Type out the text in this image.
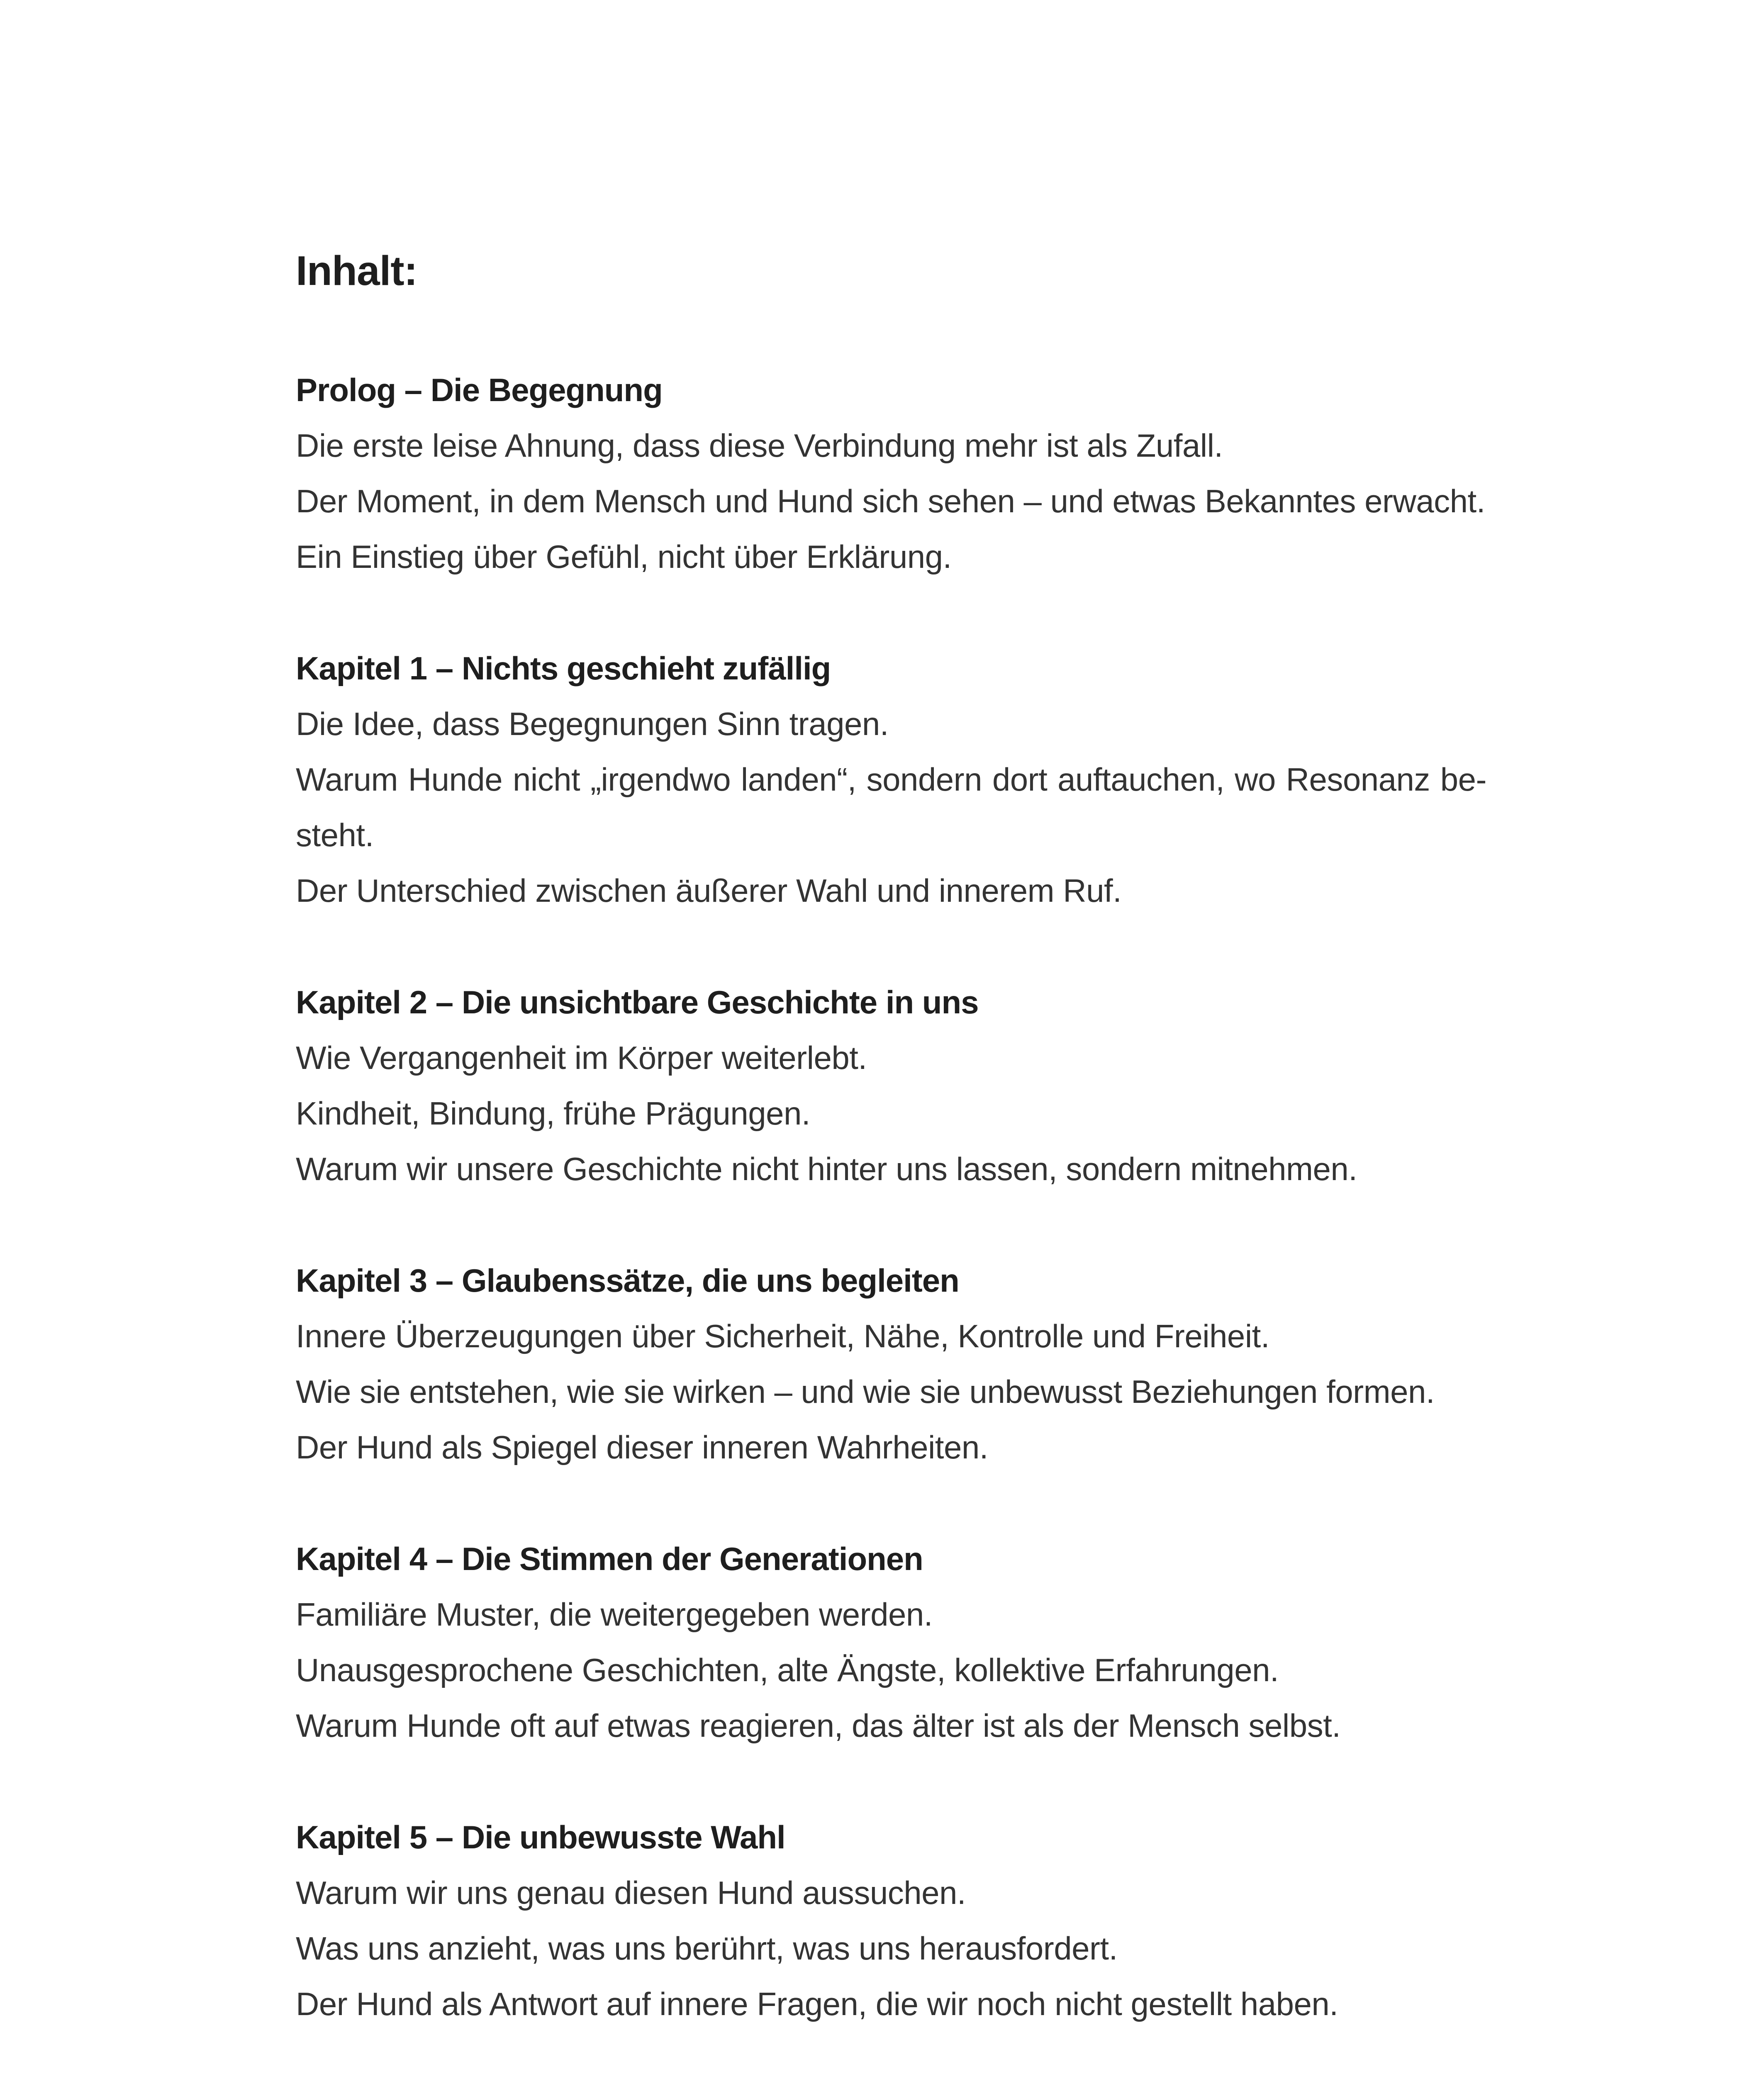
Inhalt:
Prolog – Die Begegnung

Die erste leise Ahnung, dass diese Verbindung mehr ist als Zufall.

Der Moment, in dem Mensch und Hund sich sehen – und etwas Bekanntes erwacht.

Ein Einstieg über Gefühl, nicht über Erklärung.

Kapitel 1 – Nichts geschieht zufällig

Die Idee, dass Begegnungen Sinn tragen.

Warum Hunde nicht „irgendwo landen“, sondern dort auftauchen, wo Resonanz be-

steht.

Der Unterschied zwischen äußerer Wahl und innerem Ruf.

Kapitel 2 – Die unsichtbare Geschichte in uns

Wie Vergangenheit im Körper weiterlebt.

Kindheit, Bindung, frühe Prägungen.

Warum wir unsere Geschichte nicht hinter uns lassen, sondern mitnehmen.

Kapitel 3 – Glaubenssätze, die uns begleiten

Innere Überzeugungen über Sicherheit, Nähe, Kontrolle und Freiheit.

Wie sie entstehen, wie sie wirken – und wie sie unbewusst Beziehungen formen.

Der Hund als Spiegel dieser inneren Wahrheiten.

Kapitel 4 – Die Stimmen der Generationen

Familiäre Muster, die weitergegeben werden.

Unausgesprochene Geschichten, alte Ängste, kollektive Erfahrungen.

Warum Hunde oft auf etwas reagieren, das älter ist als der Mensch selbst.

Kapitel 5 – Die unbewusste Wahl

Warum wir uns genau diesen Hund aussuchen.

Was uns anzieht, was uns berührt, was uns herausfordert.

Der Hund als Antwort auf innere Fragen, die wir noch nicht gestellt haben.
